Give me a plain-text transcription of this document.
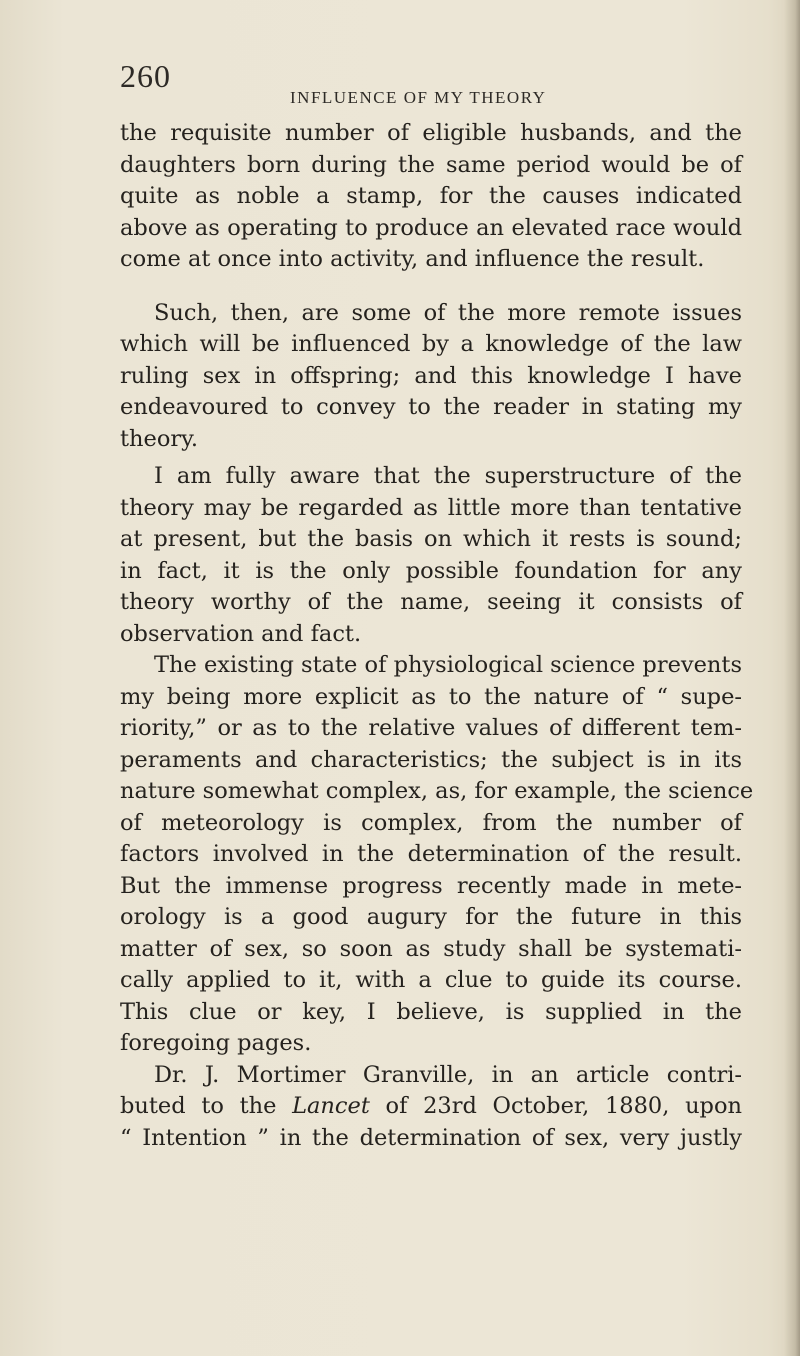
260
INFLUENCE OF MY THEORY

the requisite number of eligible husbands, and the
daughters born during the same period would be of
quite as noble a stamp, for the causes indicated
above as operating to produce an elevated race would
come at once into activity, and influence the result.

Such, then, are some of the more remote issues
which will be influenced by a knowledge of the law
ruling sex in offspring; and this knowledge I have
endeavoured to convey to the reader in stating my
theory.

I am fully aware that the superstructure of the
theory may be regarded as little more than tentative
at present, but the basis on which it rests is sound;
in fact, it is the only possible foundation for any
theory worthy of the name, seeing it consists of
observation and fact.

The existing state of physiological science prevents
my being more explicit as to the nature of “ supe-
riority,” or as to the relative values of different tem-
peraments and characteristics; the subject is in its
nature somewhat complex, as, for example, the science
of meteorology is complex, from the number of
factors involved in the determination of the result.
But the immense progress recently made in mete-
orology is a good augury for the future in this
matter of sex, so soon as study shall be systemati-
cally applied to it, with a clue to guide its course.
This clue or key, I believe, is supplied in the
foregoing pages.

Dr. J. Mortimer Granville, in an article contri-
buted to the Lancet of 23rd October, 1880, upon
“ Intention ” in the determination of sex, very justly
